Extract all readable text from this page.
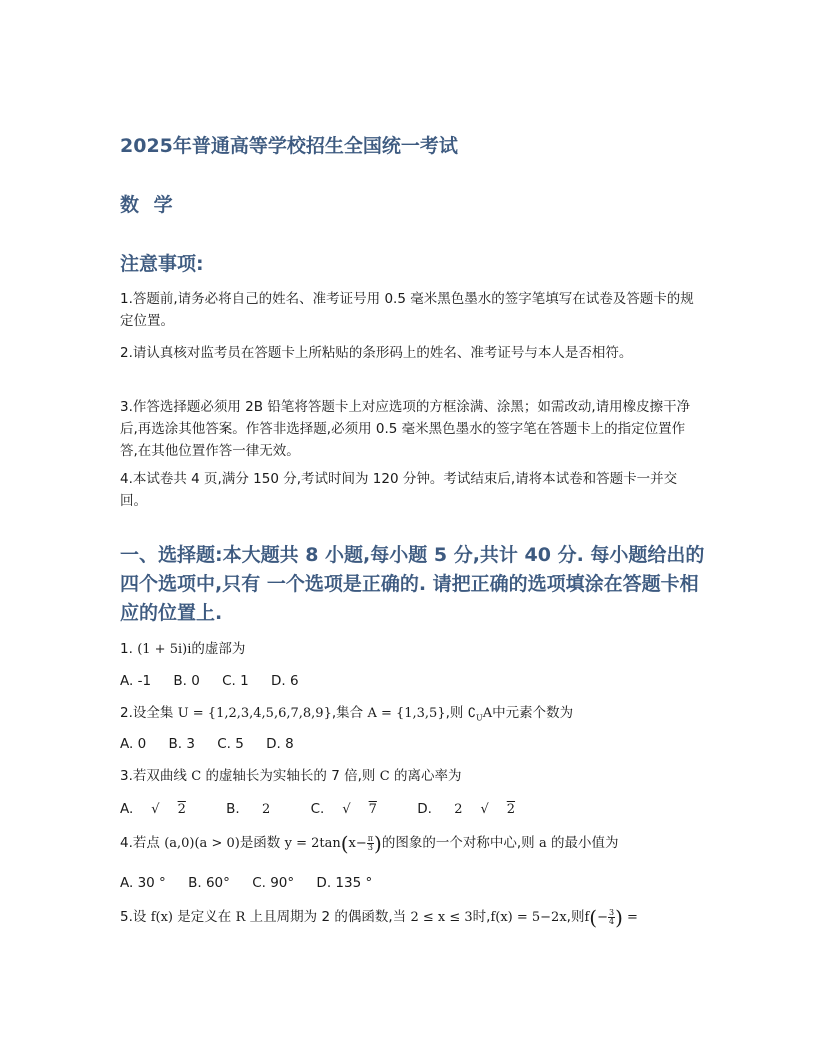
2025年普通高等学校招生全国统一考试
数 学
注意事项:

1.答题前,请务必将自己的姓名、准考证号用 0.5 毫米黑色墨水的签字笔填写在试卷及答题卡的规定位置。

2.请认真核对监考员在答题卡上所粘贴的条形码上的姓名、准考证号与本人是否相符。

3.作答选择题必须用 2B 铅笔将答题卡上对应选项的方框涂满、涂黑；如需改动,请用橡皮擦干净后,再选涂其他答案。作答非选择题,必须用 0.5 毫米黑色墨水的签字笔在答题卡上的指定位置作答,在其他位置作答一律无效。

4.本试卷共 4 页,满分 150 分,考试时间为 120 分钟。考试结束后,请将本试卷和答题卡一并交回。

一、选择题:本大题共 8 小题,每小题 5 分,共计 40 分. 每小题给出的四个选项中,只有 一个选项是正确的. 请把正确的选项填涂在答题卡相应的位置上.

1. (1 + 5i)i的虚部为

A. -1 B. 0 C. 1 D. 6

2.设全集 U = {1,2,3,4,5,6,7,8,9},集合 A = {1,3,5},则 $∁_UA$中元素个数为

A. 0 B. 3 C. 5 D. 8

3.若双曲线 C 的虚轴长为实轴长的 7 倍,则 C 的离心率为

A. √ 2	B. 2	C. √ 7	D. 2 √ 2

4.若点 (a,0)(a > 0)是函数 $y = 2\tan(x- \frac{\pi}{3}$ )的图象的一个对称中心,则 a 的最小值为

A. 30 ° B. 60° C. 90° D. 135 °

5.设 f(x) 是定义在 R 上且周期为 2 的偶函数,当 2 ≤ x ≤ 3时,f(x) = 5−2x,则$f(- \frac{3}{4}$ ) =
